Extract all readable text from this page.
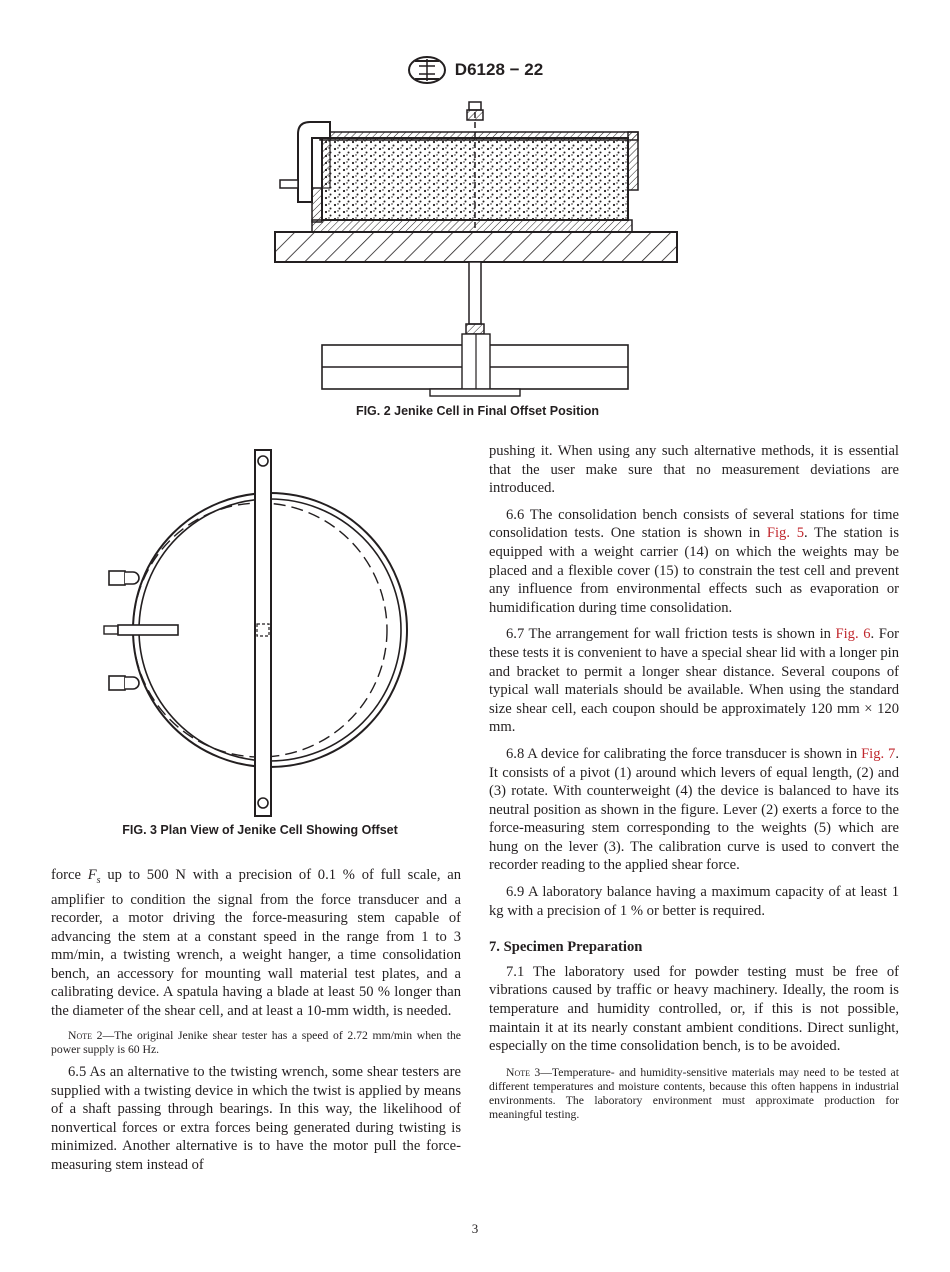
D6128 − 22
FIG. 2 Jenike Cell in Final Offset Position
FIG. 3 Plan View of Jenike Cell Showing Offset

force $F_s$ up to 500 N with a precision of 0.1 % of full scale, an amplifier to condition the signal from the force transducer and a recorder, a motor driving the force-measuring stem capable of advancing the stem at a constant speed in the range from 1 to 3 mm/min, a twisting wrench, a weight hanger, a time consolidation bench, an accessory for mounting wall material test plates, and a calibrating device. A spatula having a blade at least 50 % longer than the diameter of the shear cell, and at least a 10-mm width, is needed.

Note 2—The original Jenike shear tester has a speed of 2.72 mm/min when the power supply is 60 Hz.

6.5 As an alternative to the twisting wrench, some shear testers are supplied with a twisting device in which the twist is applied by means of a shaft passing through bearings. In this way, the likelihood of nonvertical forces or extra forces being generated during twisting is minimized. Another alternative is to have the motor pull the force-measuring stem instead of

pushing it. When using any such alternative methods, it is essential that the user make sure that no measurement deviations are introduced.

6.6 The consolidation bench consists of several stations for time consolidation tests. One station is shown in Fig. 5. The station is equipped with a weight carrier (14) on which the weights may be placed and a flexible cover (15) to constrain the test cell and prevent any influence from environmental effects such as evaporation or humidification during time consolidation.

6.7 The arrangement for wall friction tests is shown in Fig. 6. For these tests it is convenient to have a special shear lid with a longer pin and bracket to permit a longer shear distance. Several coupons of typical wall materials should be available. When using the standard size shear cell, each coupon should be approximately 120 mm × 120 mm.

6.8 A device for calibrating the force transducer is shown in Fig. 7. It consists of a pivot (1) around which levers of equal length, (2) and (3) rotate. With counterweight (4) the device is balanced to have its neutral position as shown in the figure. Lever (2) exerts a force to the force-measuring stem corresponding to the weights (5) which are hung on the lever (3). The calibration curve is used to convert the recorder reading to the applied shear force.

6.9 A laboratory balance having a maximum capacity of at least 1 kg with a precision of 1 % or better is required.

7. Specimen Preparation

7.1 The laboratory used for powder testing must be free of vibrations caused by traffic or heavy machinery. Ideally, the room is temperature and humidity controlled, or, if this is not possible, maintain it at its nearly constant ambient conditions. Direct sunlight, especially on the time consolidation bench, is to be avoided.

Note 3—Temperature- and humidity-sensitive materials may need to be tested at different temperatures and moisture contents, because this often happens in industrial environments. The laboratory environment must approximate production for meaningful testing.

3
